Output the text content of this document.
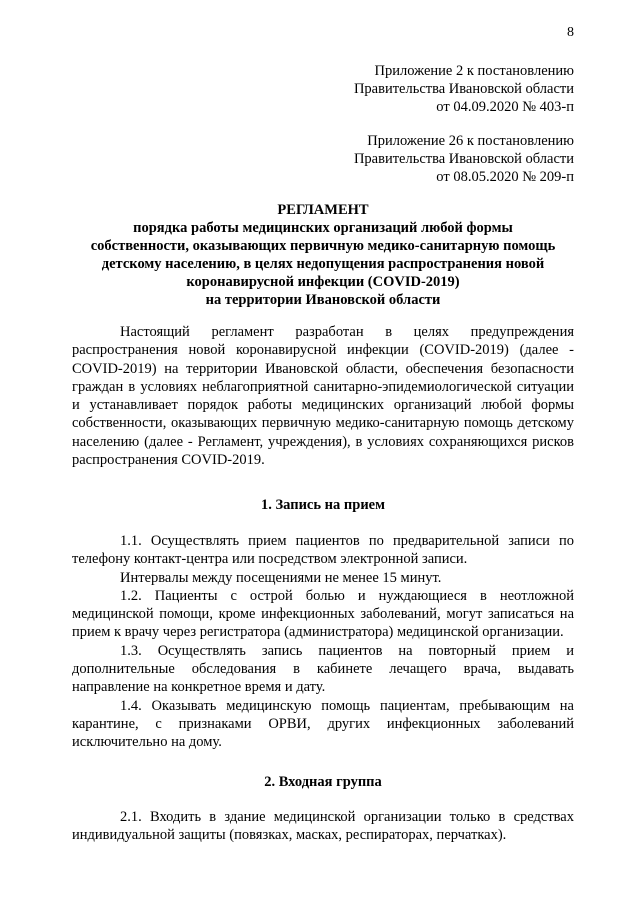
8
Приложение 2 к постановлению
Правительства Ивановской области
от 04.09.2020 № 403-п
Приложение 26 к постановлению
Правительства Ивановской области
от 08.05.2020 № 209-п
РЕГЛАМЕНТ
порядка работы медицинских организаций любой формы
собственности, оказывающих первичную медико-санитарную помощь
детскому населению, в целях недопущения распространения новой
коронавирусной инфекции (COVID-2019)
на территории Ивановской области

Настоящий регламент разработан в целях предупреждения распространения новой коронавирусной инфекции (COVID-2019) (далее - COVID-2019) на территории Ивановской области, обеспечения безопасности граждан в условиях неблагоприятной санитарно-эпидемиологической ситуации и устанавливает порядок работы медицинских организаций любой формы собственности, оказывающих первичную медико-санитарную помощь детскому населению (далее - Регламент, учреждения), в условиях сохраняющихся рисков распространения COVID-2019.

1. Запись на прием

1.1. Осуществлять прием пациентов по предварительной записи по телефону контакт-центра или посредством электронной записи.

Интервалы между посещениями не менее 15 минут.

1.2. Пациенты с острой болью и нуждающиеся в неотложной медицинской помощи, кроме инфекционных заболеваний, могут записаться на прием к врачу через регистратора (администратора) медицинской организации.

1.3. Осуществлять запись пациентов на повторный прием и дополнительные обследования в кабинете лечащего врача, выдавать направление на конкретное время и дату.

1.4. Оказывать медицинскую помощь пациентам, пребывающим на карантине, с признаками ОРВИ, других инфекционных заболеваний исключительно на дому.

2. Входная группа

2.1. Входить в здание медицинской организации только в средствах индивидуальной защиты (повязках, масках, респираторах, перчатках).
